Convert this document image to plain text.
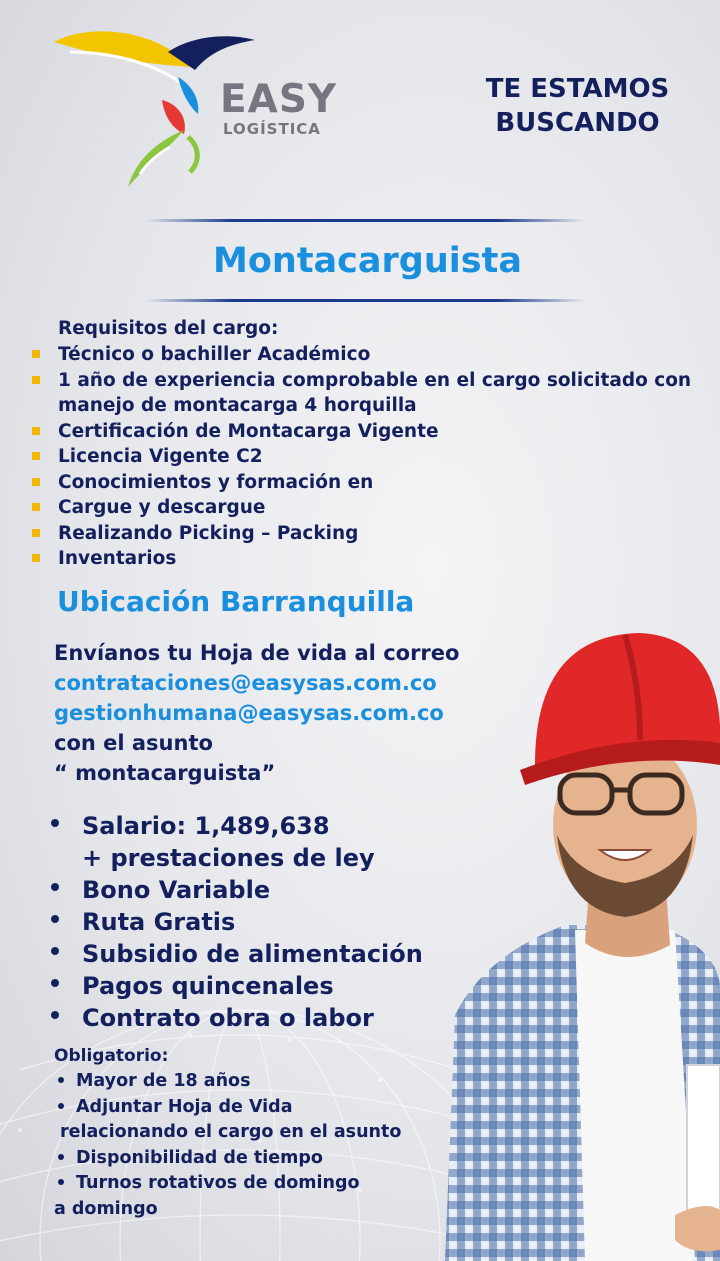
EASY
LOGÍSTICA
TE ESTAMOS
BUSCANDO
Montacarguista
Requisitos del cargo:
Técnico o bachiller Académico
1 año de experiencia comprobable en el cargo solicitado con manejo de montacarga 4 horquilla
Certificación de Montacarga Vigente
Licencia Vigente C2
Conocimientos y formación en
Cargue y descargue
Realizando Picking – Packing
Inventarios
Ubicación Barranquilla
Envíanos tu Hoja de vida al correo
contrataciones@easysas.com.co
gestionhumana@easysas.com.co
con el asunto
“ montacarguista”
Salario: 1,489,638
+ prestaciones de ley
Bono Variable
Ruta Gratis
Subsidio de alimentación
Pagos quincenales
Contrato obra o labor
Obligatorio:
Mayor de 18 años
Adjuntar Hoja de Vida
relacionando el cargo en el asunto
Disponibilidad de tiempo
Turnos rotativos de domingo
a domingo
